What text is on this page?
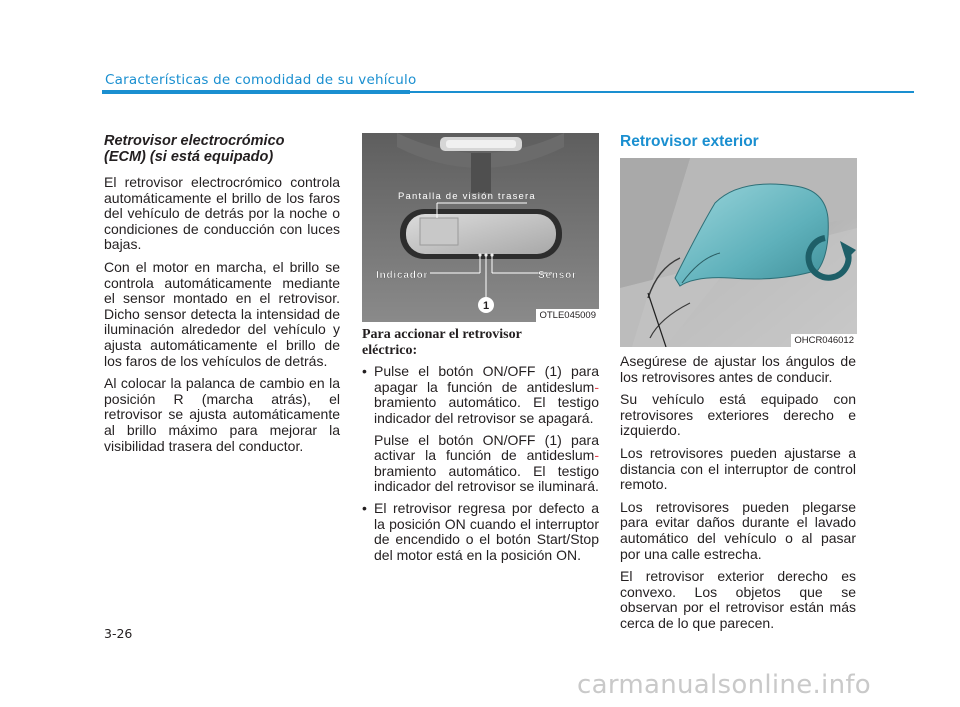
Características de comodidad de su vehículo
Retrovisor electrocrómico
(ECM) (si está equipado)

El retrovisor electrocrómico controla automáticamente el brillo de los faros del vehículo de detrás por la noche o condiciones de conducción con luces bajas.

Con el motor en marcha, el brillo se controla automáticamente mediante el sensor montado en el retrovisor. Dicho sensor detecta la intensidad de iluminación alrededor del vehículo y ajusta automáticamente el brillo de los faros de los vehículos de detrás.

Al colocar la palanca de cambio en la posición R (marcha atrás), el retrovisor se ajusta automáticamente al brillo máximo para mejorar la visibilidad trasera del conductor.

1
Pantalla de visión trasera
Indicador	Sensor
OTLE045009
Para accionar el retrovisor
eléctrico:
• Pulse el botón ON/OFF (1) para apagar la función de antideslum- bramiento automático. El testigo indicador del retrovisor se apagará.
Pulse el botón ON/OFF (1) para activar la función de antideslum- bramiento automático. El testigo indicador del retrovisor se iluminará.
• El retrovisor regresa por defecto a la posición ON cuando el interruptor de encendido o el botón Start/Stop del motor está en la posición ON.
Retrovisor exterior
OHCR046012

Asegúrese de ajustar los ángulos de los retrovisores antes de conducir.

Su vehículo está equipado con retrovisores exteriores derecho e izquierdo.

Los retrovisores pueden ajustarse a distancia con el interruptor de control remoto.

Los retrovisores pueden plegarse para evitar daños durante el lavado automático del vehículo o al pasar por una calle estrecha.

El retrovisor exterior derecho es convexo. Los objetos que se observan por el retrovisor están más cerca de lo que parecen.

3-26
carmanualsonline.info
